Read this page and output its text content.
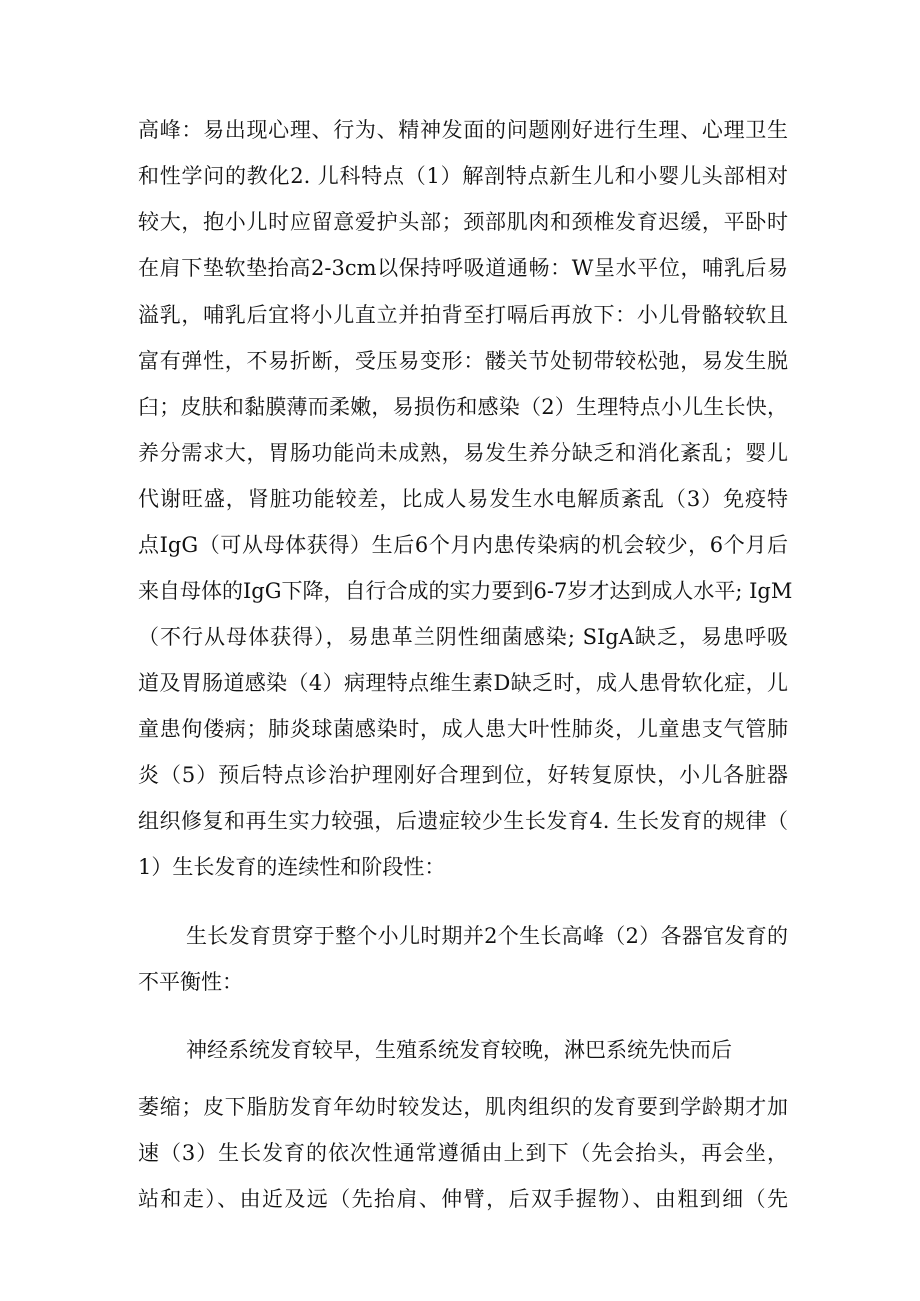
高峰：易出现心理、行为、精神发面的问题刚好进行生理、心理卫生
和性学问的教化2. 儿科特点（1）解剖特点新生儿和小婴儿头部相对
较大，抱小儿时应留意爱护头部；颈部肌肉和颈椎发育迟缓，平卧时
在肩下垫软垫抬高2-3cm以保持呼吸道通畅：W呈水平位，哺乳后易
溢乳，哺乳后宜将小儿直立并拍背至打嗝后再放下：小儿骨骼较软且
富有弹性，不易折断，受压易变形：髅关节处韧带较松弛，易发生脱
臼；皮肤和黏膜薄而柔嫩，易损伤和感染（2）生理特点小儿生长快，
养分需求大，胃肠功能尚未成熟，易发生养分缺乏和消化紊乱；婴儿
代谢旺盛，肾脏功能较差，比成人易发生水电解质紊乱（3）免疫特
点IgG（可从母体获得）生后6个月内患传染病的机会较少，6个月后
来自母体的IgG下降，自行合成的实力要到6-7岁才达到成人水平; IgM
（不行从母体获得），易患革兰阴性细菌感染; SIgA缺乏，易患呼吸
道及胃肠道感染（4）病理特点维生素D缺乏时，成人患骨软化症，儿
童患佝偻病；肺炎球菌感染时，成人患大叶性肺炎，儿童患支气管肺
炎（5）预后特点诊治护理刚好合理到位，好转复原快，小儿各脏器
组织修复和再生实力较强，后遗症较少生长发育4. 生长发育的规律（
1）生长发育的连续性和阶段性：
生长发育贯穿于整个小儿时期并2个生长高峰（2）各器官发育的
不平衡性：
神经系统发育较早，生殖系统发育较晚，淋巴系统先快而后
萎缩；皮下脂肪发育年幼时较发达，肌肉组织的发育要到学龄期才加
速（3）生长发育的依次性通常遵循由上到下（先会抬头，再会坐，
站和走）、由近及远（先抬肩、伸臂，后双手握物）、由粗到细（先
